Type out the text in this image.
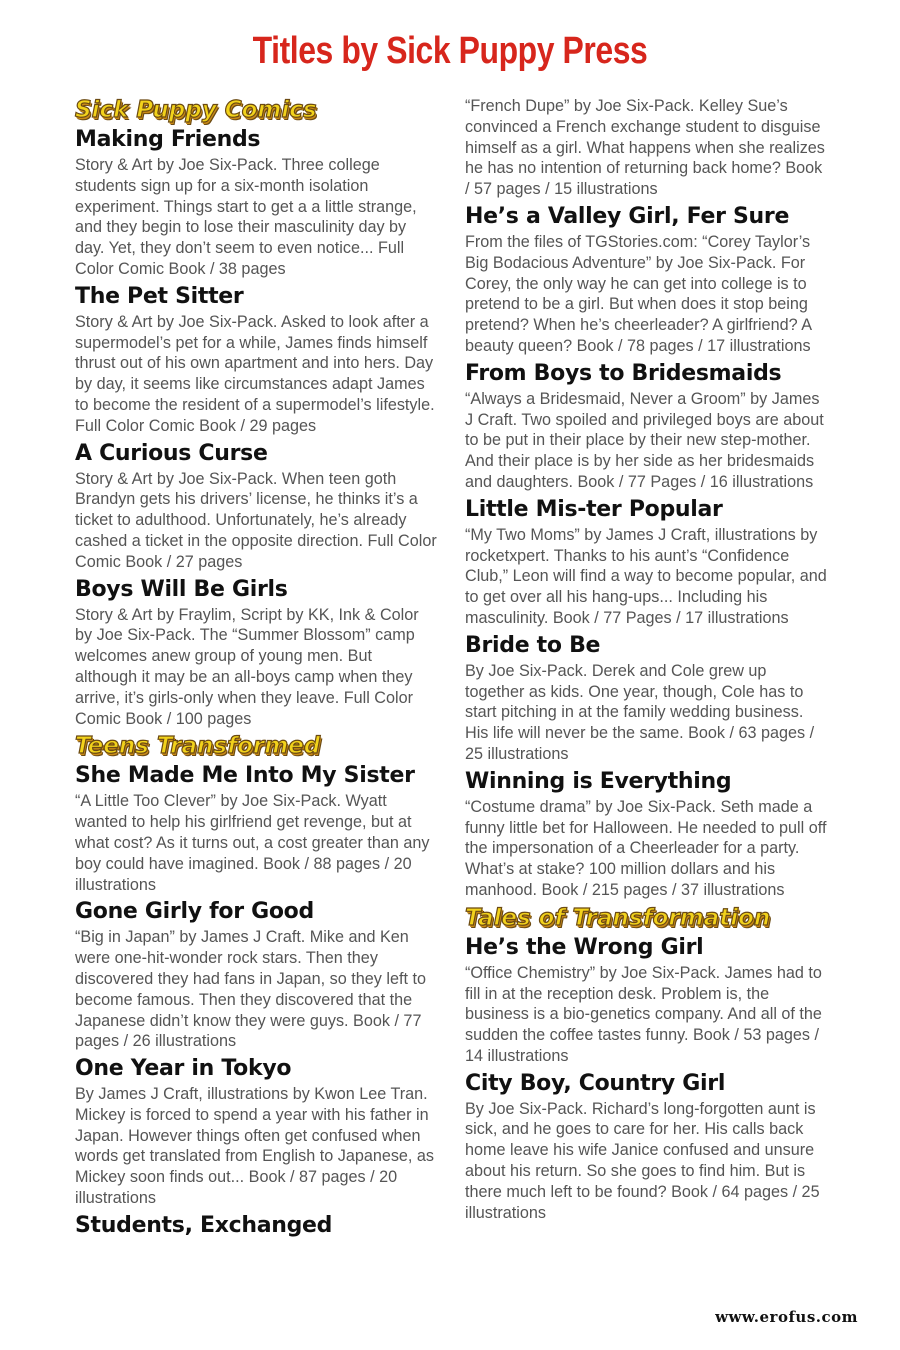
Titles by Sick Puppy Press
Sick Puppy Comics
Making Friends

Story & Art by Joe Six-Pack. Three college students sign up for a six-month isolation experiment. Things start to get a a little strange, and they begin to lose their masculinity day by day. Yet, they don’t seem to even notice... Full Color Comic Book / 38 pages

The Pet Sitter

Story & Art by Joe Six-Pack. Asked to look after a supermodel’s pet for a while, James finds himself thrust out of his own apartment and into hers. Day by day, it seems like circumstances adapt James to become the resident of a supermodel’s lifestyle. Full Color Comic Book / 29 pages

A Curious Curse

Story & Art by Joe Six-Pack. When teen goth Brandyn gets his drivers’ license, he thinks it’s a ticket to adulthood. Unfortunately, he’s already cashed a ticket in the opposite direction. Full Color Comic Book / 27 pages

Boys Will Be Girls

Story & Art by Fraylim, Script by KK, Ink & Color by Joe Six-Pack. The “Summer Blossom” camp welcomes anew group of young men. But although it may be an all-boys camp when they arrive, it’s girls-only when they leave. Full Color Comic Book / 100 pages

Teens Transformed
She Made Me Into My Sister

“A Little Too Clever” by Joe Six-Pack. Wyatt wanted to help his girlfriend get revenge, but at what cost? As it turns out, a cost greater than any boy could have imagined. Book / 88 pages / 20 illustrations

Gone Girly for Good

“Big in Japan” by James J Craft. Mike and Ken were one-hit-wonder rock stars. Then they discovered they had fans in Japan, so they left to become famous. Then they discovered that the Japanese didn’t know they were guys. Book / 77 pages / 26 illustrations

One Year in Tokyo

By James J Craft, illustrations by Kwon Lee Tran. Mickey is forced to spend a year with his father in Japan. However things often get confused when words get translated from English to Japanese, as Mickey soon finds out... Book / 87 pages / 20 illustrations

Students, Exchanged

“French Dupe” by Joe Six-Pack. Kelley Sue’s convinced a French exchange student to disguise himself as a girl. What happens when she realizes he has no intention of returning back home? Book / 57 pages / 15 illustrations

He’s a Valley Girl, Fer Sure

From the files of TGStories.com: “Corey Taylor’s Big Bodacious Adventure” by Joe Six-Pack. For Corey, the only way he can get into college is to pretend to be a girl. But when does it stop being pretend? When he’s cheerleader? A girlfriend? A beauty queen? Book / 78 pages / 17 illustrations

From Boys to Bridesmaids

“Always a Bridesmaid, Never a Groom” by James J Craft. Two spoiled and privileged boys are about to be put in their place by their new step-mother. And their place is by her side as her bridesmaids and daughters. Book / 77 Pages / 16 illustrations

Little Mis-ter Popular

“My Two Moms” by James J Craft, illustrations by rocketxpert. Thanks to his aunt’s “Confidence Club,” Leon will find a way to become popular, and to get over all his hang-ups... Including his masculinity. Book / 77 Pages / 17 illustrations

Bride to Be

By Joe Six-Pack. Derek and Cole grew up together as kids. One year, though, Cole has to start pitching in at the family wedding business. His life will never be the same. Book / 63 pages / 25 illustrations

Winning is Everything

“Costume drama” by Joe Six-Pack. Seth made a funny little bet for Halloween. He needed to pull off the impersonation of a Cheerleader for a party. What’s at stake? 100 million dollars and his manhood. Book / 215 pages / 37 illustrations

Tales of Transformation
He’s the Wrong Girl

“Office Chemistry” by Joe Six-Pack. James had to fill in at the reception desk. Problem is, the business is a bio-genetics company. And all of the sudden the coffee tastes funny. Book / 53 pages / 14 illustrations

City Boy, Country Girl

By Joe Six-Pack. Richard’s long-forgotten aunt is sick, and he goes to care for her. His calls back home leave his wife Janice confused and unsure about his return. So she goes to find him. But is there much left to be found? Book / 64 pages / 25 illustrations

www.erofus.com
